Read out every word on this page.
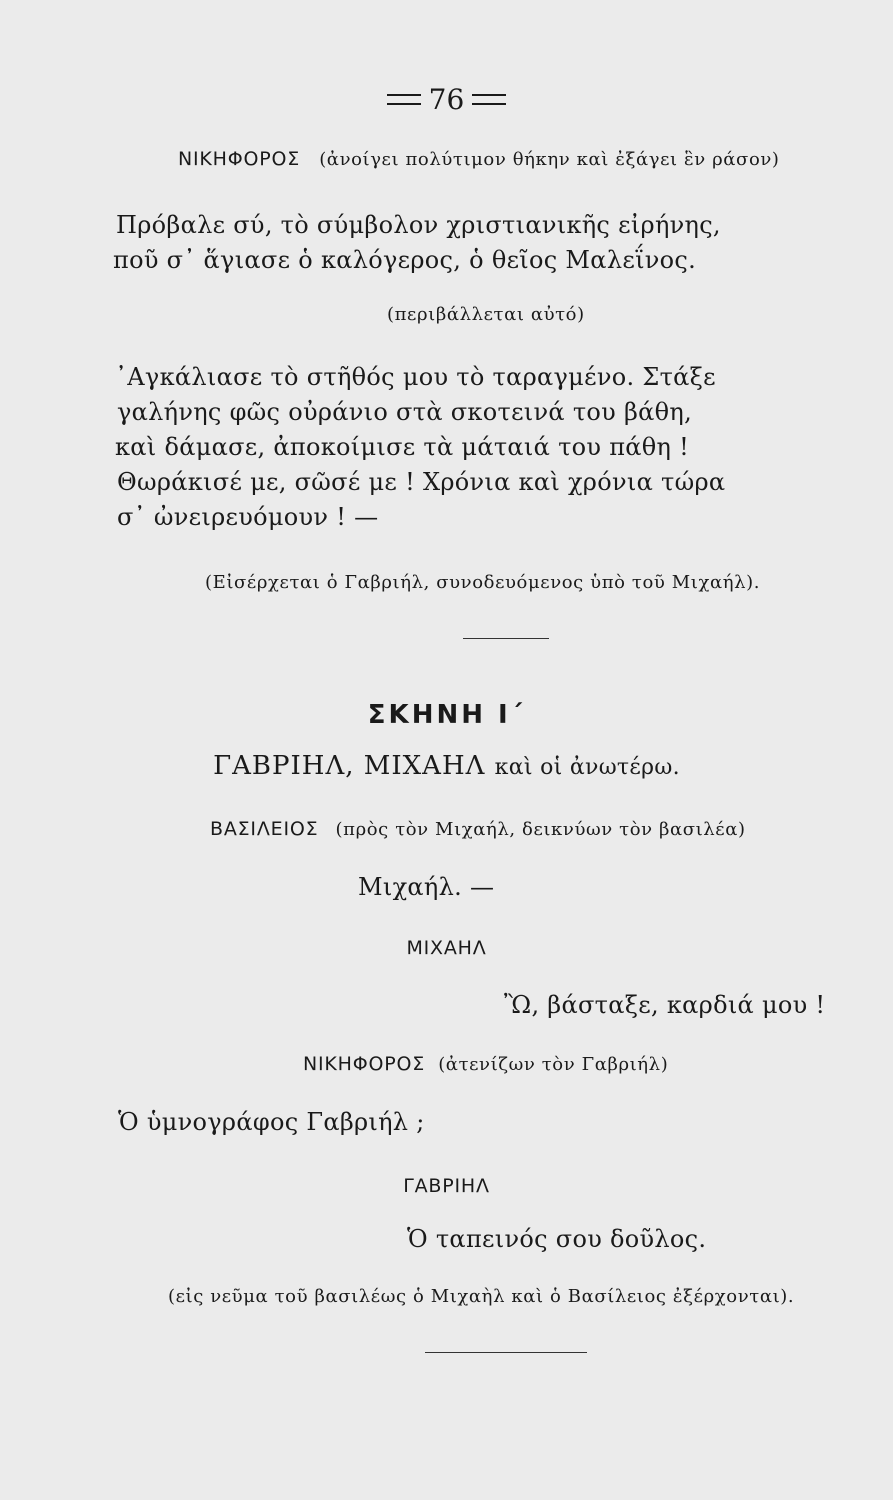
76
ΝΙΚΗΦΟΡΟΣ (ἀνοίγει πολύτιμον θήκην καὶ ἐξάγει ἓν ράσον)
Πρόβαλε σύ, τὸ σύμβολον χριστιανικῆς εἰρήνης,
ποῦ σ᾿ ἅγιασε ὁ καλόγερος, ὁ θεῖος Μαλεΐνος.
(περιβάλλεται αὐτό)
᾿Αγκάλιασε τὸ στῆθός μου τὸ ταραγμένο. Στάξε
γαλήνης φῶς οὐράνιο στὰ σκοτεινά του βάθη,
καὶ δάμασε, ἀποκοίμισε τὰ μάταιά του πάθη !
Θωράκισέ με, σῶσέ με ! Χρόνια καὶ χρόνια τώρα
σ᾿ ὠνειρευόμουν ! —
(Εἰσέρχεται ὁ Γαβριήλ, συνοδευόμενος ὑπὸ τοῦ Μιχαήλ).
ΣΚΗΝΗ Ι΄
ΓΑΒΡΙΗΛ, ΜΙΧΑΗΛ καὶ οἱ ἀνωτέρω.
ΒΑΣΙΛΕΙΟΣ (πρὸς τὸν Μιχαήλ, δεικνύων τὸν βασιλέα)
Μιχαήλ. —
ΜΙΧΑΗΛ
Ὢ, βάσταξε, καρδιά μου !
ΝΙΚΗΦΟΡΟΣ (ἀτενίζων τὸν Γαβριήλ)
Ὁ ὑμνογράφος Γαβριήλ ;
ΓΑΒΡΙΗΛ
Ὁ ταπεινός σου δοῦλος.
(εἰς νεῦμα τοῦ βασιλέως ὁ Μιχαὴλ καὶ ὁ Βασίλειος ἐξέρχονται).
